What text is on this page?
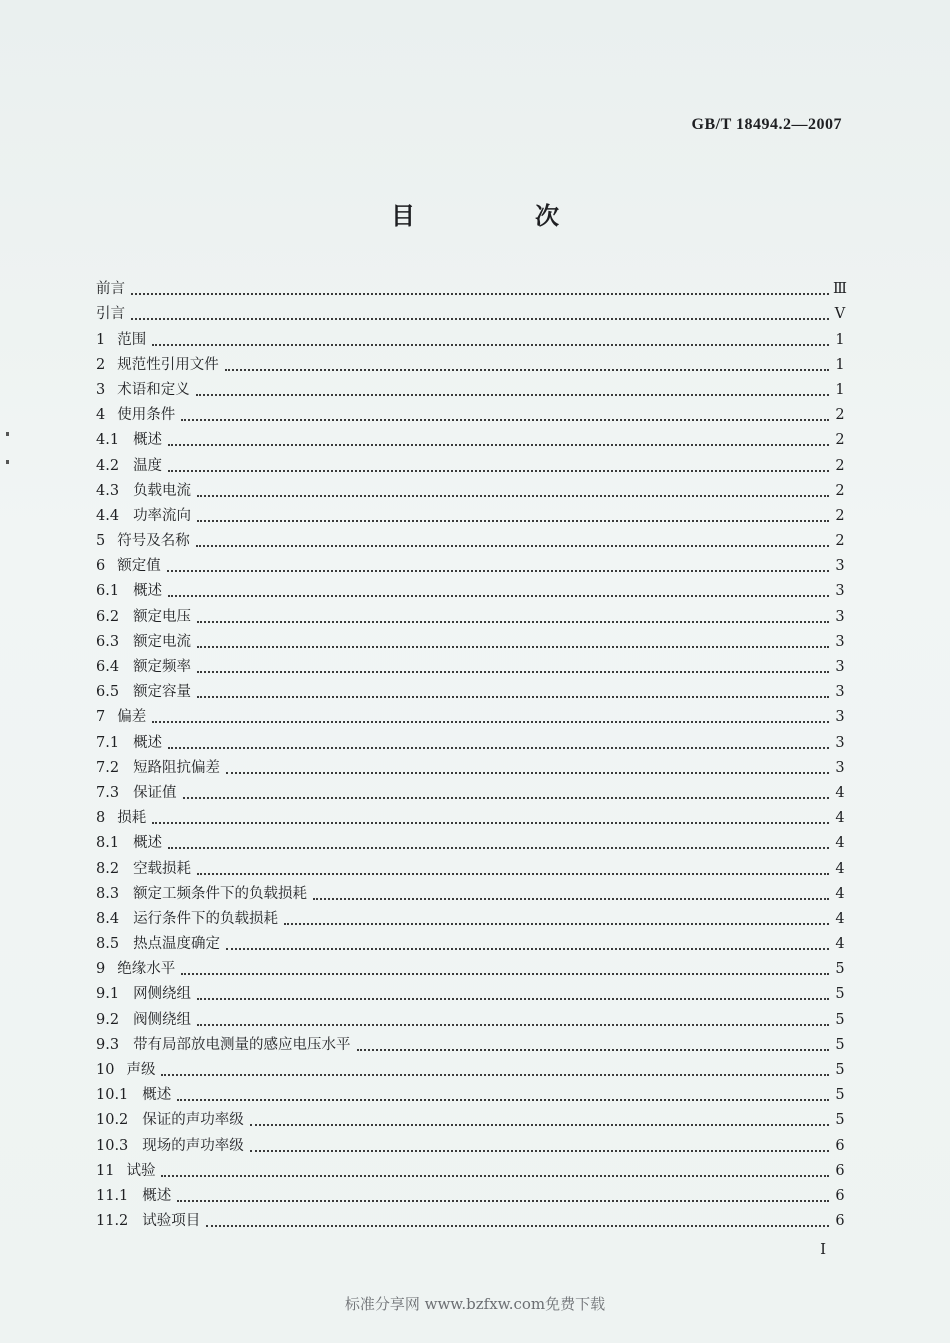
GB/T 18494.2—2007
目　次
前言	Ⅲ
引言	Ⅴ
1 范围	1
2 规范性引用文件	1
3 术语和定义	1
4 使用条件	2
4.1 概述	2
4.2 温度	2
4.3 负载电流	2
4.4 功率流向	2
5 符号及名称	2
6 额定值	3
6.1 概述	3
6.2 额定电压	3
6.3 额定电流	3
6.4 额定频率	3
6.5 额定容量	3
7 偏差	3
7.1 概述	3
7.2 短路阻抗偏差	3
7.3 保证值	4
8 损耗	4
8.1 概述	4
8.2 空载损耗	4
8.3 额定工频条件下的负载损耗	4
8.4 运行条件下的负载损耗	4
8.5 热点温度确定	4
9 绝缘水平	5
9.1 网侧绕组	5
9.2 阀侧绕组	5
9.3 带有局部放电测量的感应电压水平	5
10 声级	5
10.1 概述	5
10.2 保证的声功率级	5
10.3 现场的声功率级	6
11 试验	6
11.1 概述	6
11.2 试验项目	6
Ⅰ
标准分享网 www.bzfxw.com免费下载
